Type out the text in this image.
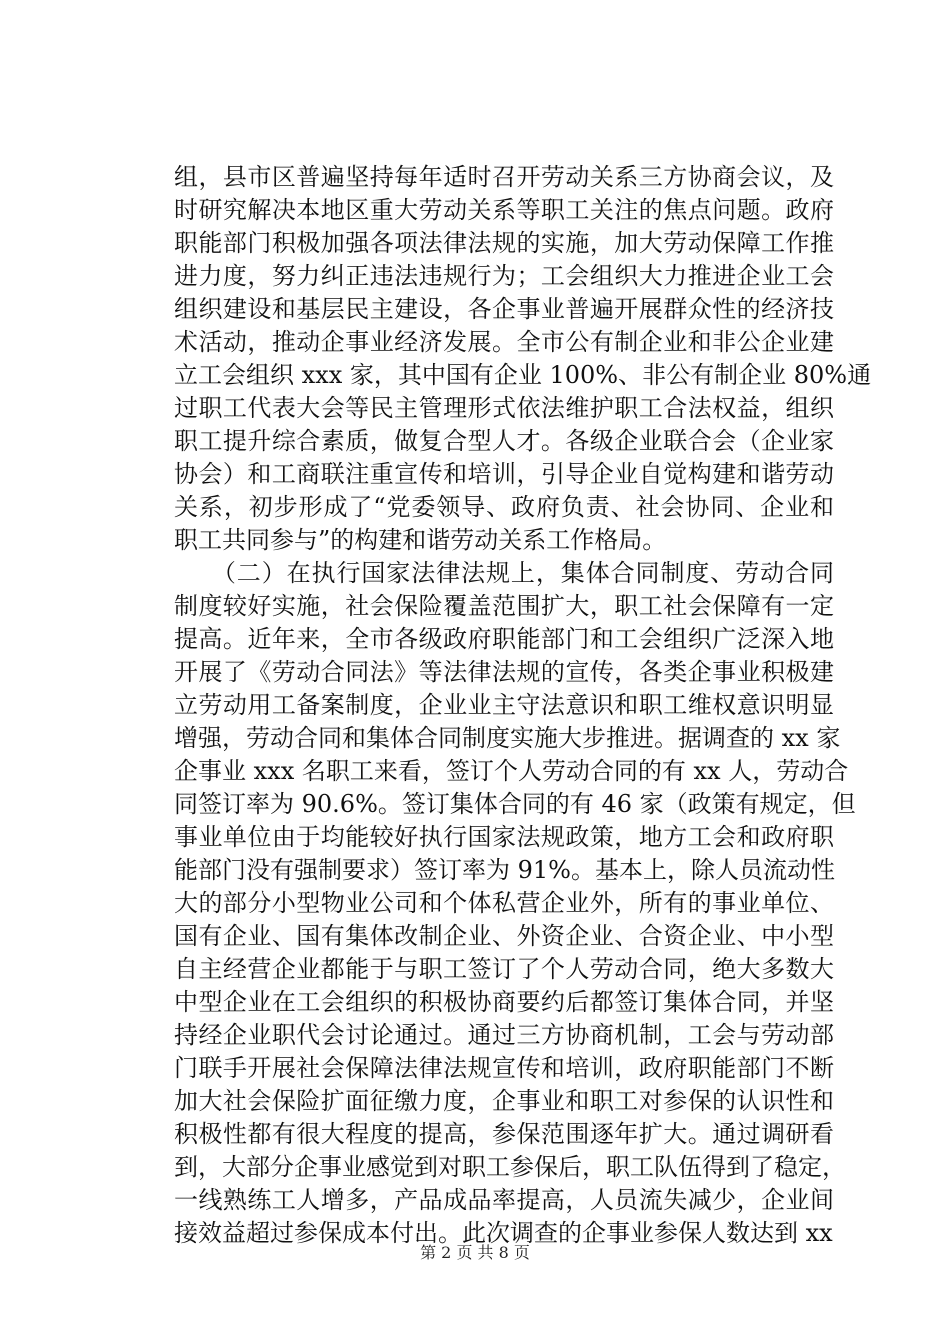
组，县市区普遍坚持每年适时召开劳动关系三方协商会议，及
时研究解决本地区重大劳动关系等职工关注的焦点问题。政府
职能部门积极加强各项法律法规的实施，加大劳动保障工作推
进力度，努力纠正违法违规行为；工会组织大力推进企业工会
组织建设和基层民主建设，各企事业普遍开展群众性的经济技
术活动，推动企事业经济发展。全市公有制企业和非公企业建
立工会组织 xxx 家，其中国有企业 100%、非公有制企业 80%通
过职工代表大会等民主管理形式依法维护职工合法权益，组织
职工提升综合素质，做复合型人才。各级企业联合会（企业家
协会）和工商联注重宣传和培训，引导企业自觉构建和谐劳动
关系，初步形成了“党委领导、政府负责、社会协同、企业和
职工共同参与”的构建和谐劳动关系工作格局。
　　（二）在执行国家法律法规上，集体合同制度、劳动合同
制度较好实施，社会保险覆盖范围扩大，职工社会保障有一定
提高。近年来，全市各级政府职能部门和工会组织广泛深入地
开展了《劳动合同法》等法律法规的宣传，各类企事业积极建
立劳动用工备案制度，企业业主守法意识和职工维权意识明显
增强，劳动合同和集体合同制度实施大步推进。据调查的 xx 家
企事业 xxx 名职工来看，签订个人劳动合同的有 xx 人，劳动合
同签订率为 90.6%。签订集体合同的有 46 家（政策有规定，但
事业单位由于均能较好执行国家法规政策，地方工会和政府职
能部门没有强制要求）签订率为 91%。基本上，除人员流动性
大的部分小型物业公司和个体私营企业外，所有的事业单位、
国有企业、国有集体改制企业、外资企业、合资企业、中小型
自主经营企业都能于与职工签订了个人劳动合同，绝大多数大
中型企业在工会组织的积极协商要约后都签订集体合同，并坚
持经企业职代会讨论通过。通过三方协商机制，工会与劳动部
门联手开展社会保障法律法规宣传和培训，政府职能部门不断
加大社会保险扩面征缴力度，企事业和职工对参保的认识性和
积极性都有很大程度的提高，参保范围逐年扩大。通过调研看
到，大部分企事业感觉到对职工参保后，职工队伍得到了稳定，
一线熟练工人增多，产品成品率提高，人员流失减少，企业间
接效益超过参保成本付出。此次调查的企事业参保人数达到 xx
第 2 页 共 8 页
